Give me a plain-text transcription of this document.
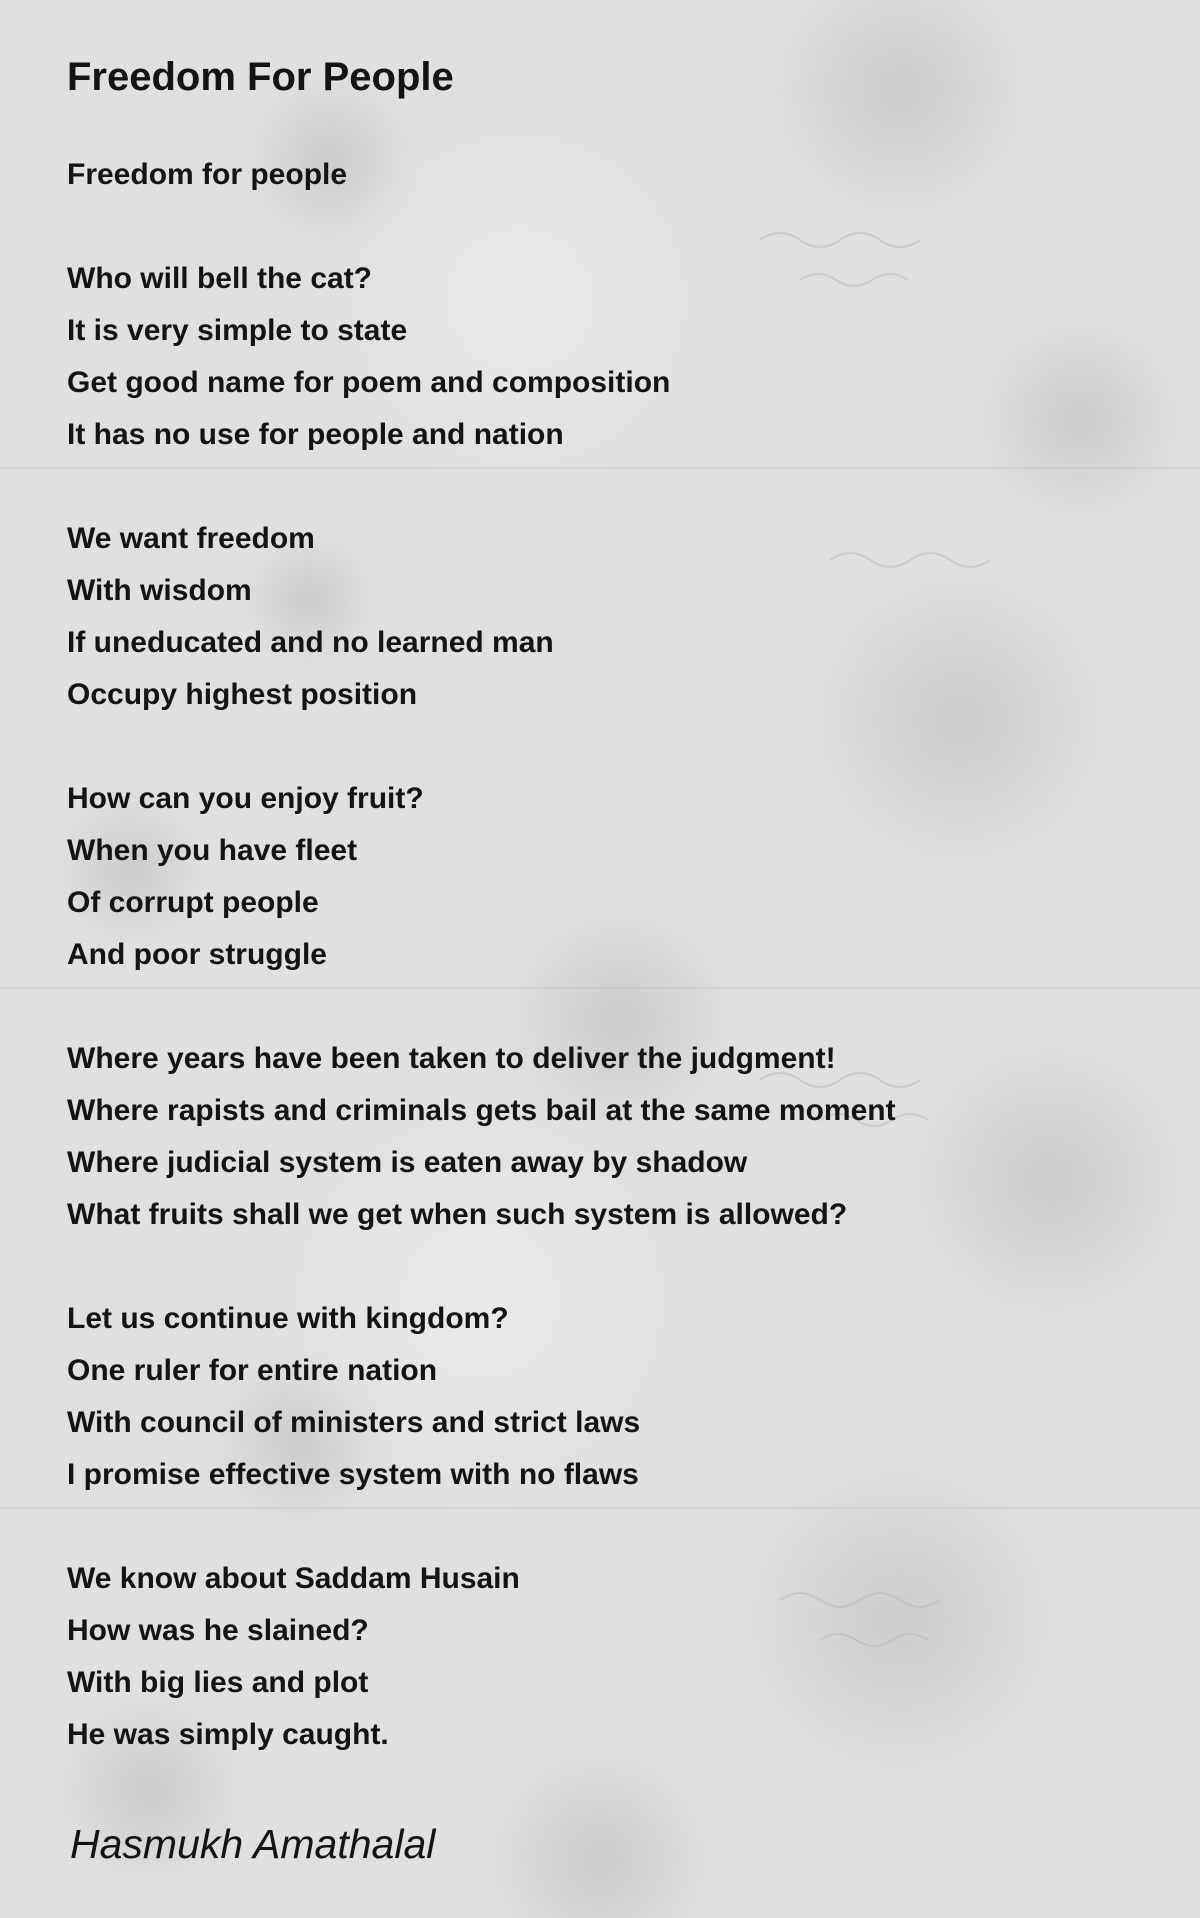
Freedom For People
Freedom for people
Who will bell the cat?
It is very simple to state
Get good name for poem and composition
It has no use for people and nation
We want freedom
With wisdom
If uneducated and no learned man
Occupy highest position
How can you enjoy fruit?
When you have fleet
Of corrupt people
And poor struggle
Where years have been taken to deliver the judgment!
Where rapists and criminals gets bail at the same moment
Where judicial system is eaten away by shadow
What fruits shall we get when such system is allowed?
Let us continue with kingdom?
One ruler for entire nation
With council of ministers and strict laws
I promise effective system with no flaws
We know about Saddam Husain
How was he slained?
With big lies and plot
He was simply caught.
Hasmukh Amathalal
